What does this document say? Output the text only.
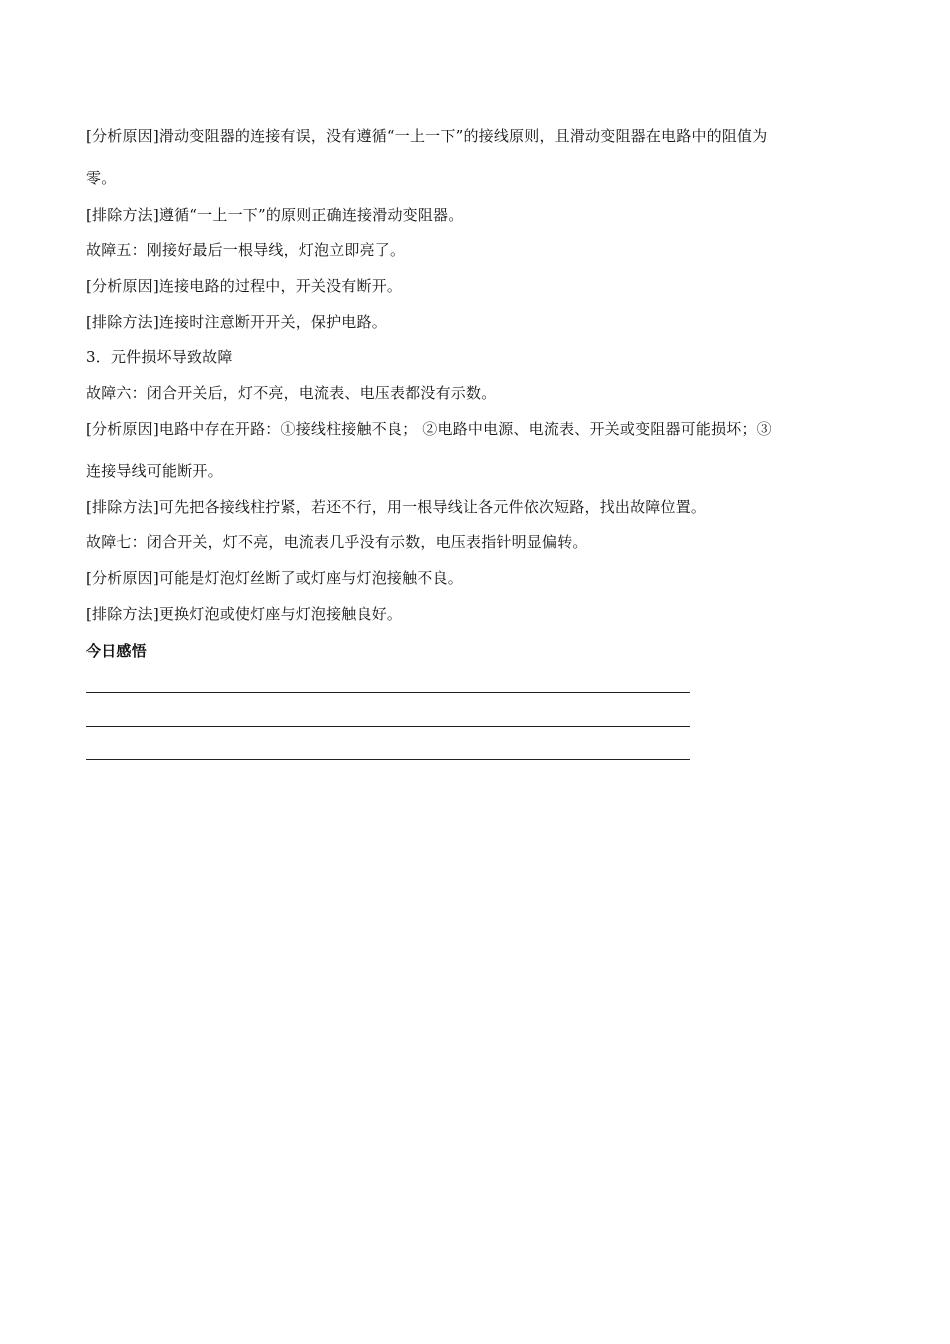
[分析原因]滑动变阻器的连接有误，没有遵循“一上一下”的接线原则，且滑动变阻器在电路中的阻值为
零。
[排除方法]遵循“一上一下”的原则正确连接滑动变阻器。
故障五：刚接好最后一根导线，灯泡立即亮了。
[分析原因]连接电路的过程中，开关没有断开。
[排除方法]连接时注意断开开关，保护电路。
3．元件损坏导致故障
故障六：闭合开关后，灯不亮，电流表、电压表都没有示数。
[分析原因]电路中存在开路：①接线柱接触不良； ②电路中电源、电流表、开关或变阻器可能损坏；③
连接导线可能断开。
[排除方法]可先把各接线柱拧紧，若还不行，用一根导线让各元件依次短路，找出故障位置。
故障七：闭合开关，灯不亮，电流表几乎没有示数，电压表指针明显偏转。
[分析原因]可能是灯泡灯丝断了或灯座与灯泡接触不良。
[排除方法]更换灯泡或使灯座与灯泡接触良好。
今日感悟
